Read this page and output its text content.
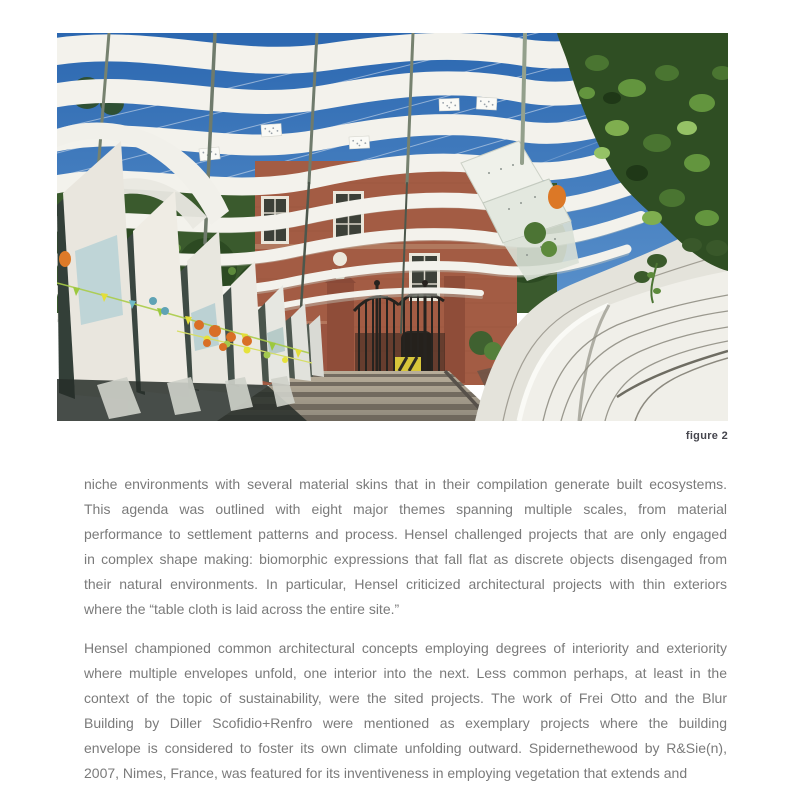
figure 2
niche environments with several material skins that in their compilation generate built ecosystems.
This agenda was outlined with eight major themes spanning multiple scales, from material
performance to settlement patterns and process. Hensel challenged projects that are only engaged
in complex shape making: biomorphic expressions that fall flat as discrete objects disengaged from
their natural environments. In particular, Hensel criticized architectural projects with thin exteriors
where the “table cloth is laid across the entire site.”
Hensel championed common architectural concepts employing degrees of interiority and exteriority
where multiple envelopes unfold, one interior into the next. Less common perhaps, at least in the
context of the topic of sustainability, were the sited projects. The work of Frei Otto and the Blur
Building by Diller Scofidio+Renfro were mentioned as exemplary projects where the building
envelope is considered to foster its own climate unfolding outward. Spidernethewood by R&Sie(n),
2007, Nimes, France, was featured for its inventiveness in employing vegetation that extends and
